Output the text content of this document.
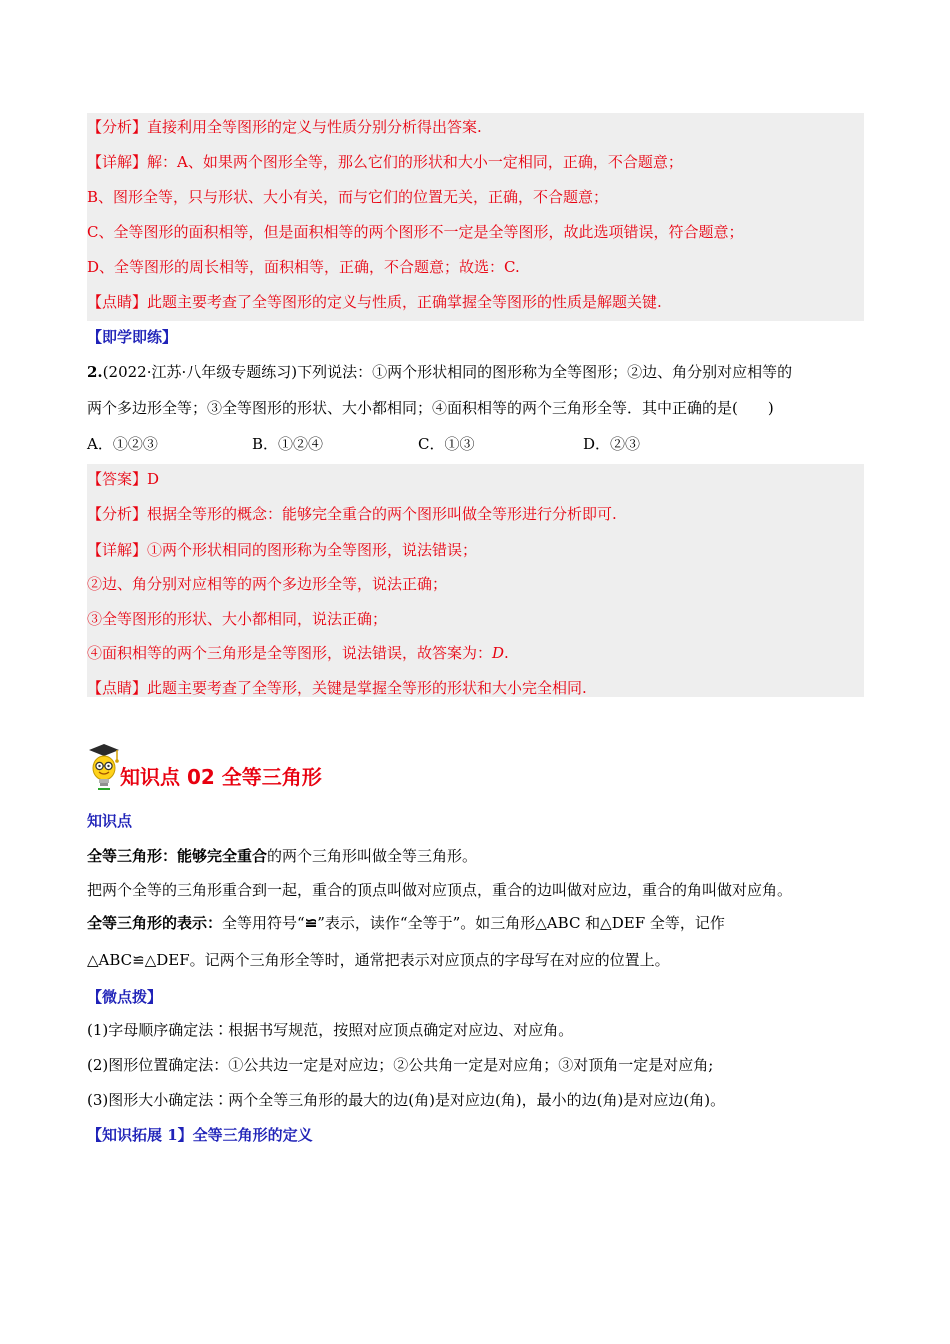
【分析】直接利用全等图形的定义与性质分别分析得出答案.
【详解】解：A、如果两个图形全等，那么它们的形状和大小一定相同，正确，不合题意；
B、图形全等，只与形状、大小有关，而与它们的位置无关，正确，不合题意；
C、全等图形的面积相等，但是面积相等的两个图形不一定是全等图形，故此选项错误，符合题意；
D、全等图形的周长相等，面积相等，正确，不合题意；故选：C.
【点睛】此题主要考查了全等图形的定义与性质，正确掌握全等图形的性质是解题关键.
【即学即练】
2.(2022·江苏·八年级专题练习)下列说法：①两个形状相同的图形称为全等图形；②边、角分别对应相等的
两个多边形全等；③全等图形的形状、大小都相同；④面积相等的两个三角形全等．其中正确的是(　　)
A．①②③	B．①②④	C．①③	D．②③
【答案】D
【分析】根据全等形的概念：能够完全重合的两个图形叫做全等形进行分析即可.
【详解】①两个形状相同的图形称为全等图形，说法错误；
②边、角分别对应相等的两个多边形全等，说法正确；
③全等图形的形状、大小都相同，说法正确；
④面积相等的两个三角形是全等图形，说法错误，故答案为：D.
【点睛】此题主要考查了全等形，关键是掌握全等形的形状和大小完全相同.
知识点 02 全等三角形
知识点
全等三角形：能够完全重合的两个三角形叫做全等三角形。
把两个全等的三角形重合到一起，重合的顶点叫做对应顶点，重合的边叫做对应边，重合的角叫做对应角。
全等三角形的表示：全等用符号“≌”表示，读作“全等于”。如三角形△ABC 和△DEF 全等，记作
△ABC≌△DEF。记两个三角形全等时，通常把表示对应顶点的字母写在对应的位置上。
【微点拨】
(1)字母顺序确定法∶根据书写规范，按照对应顶点确定对应边、对应角。
(2)图形位置确定法：①公共边一定是对应边；②公共角一定是对应角；③对顶角一定是对应角;
(3)图形大小确定法∶两个全等三角形的最大的边(角)是对应边(角)，最小的边(角)是对应边(角)。
【知识拓展 1】全等三角形的定义
